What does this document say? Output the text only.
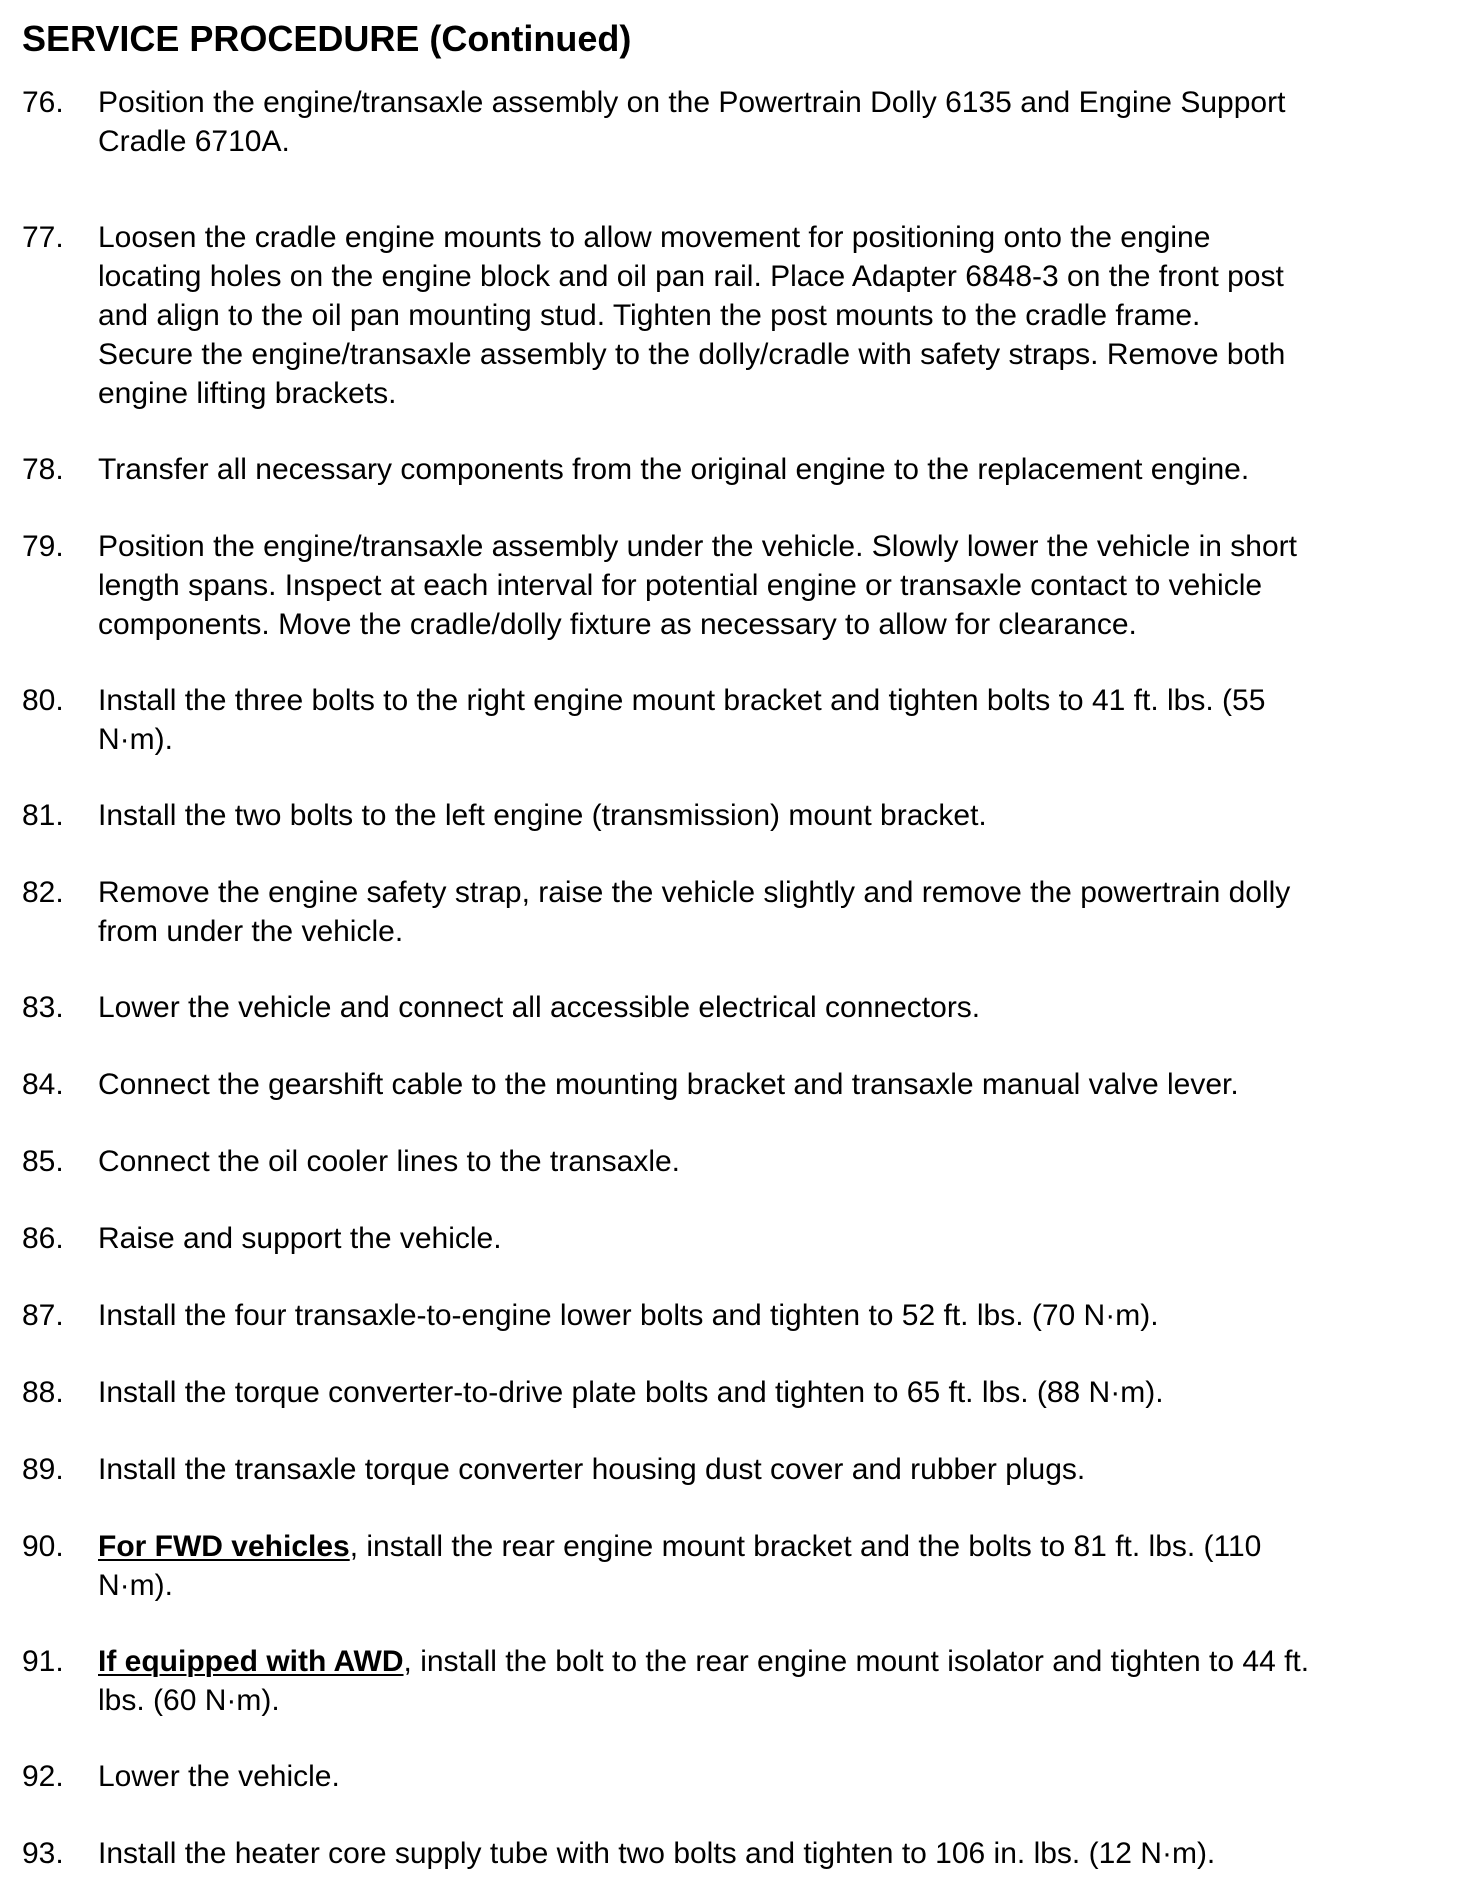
SERVICE PROCEDURE (Continued)
76. Position the engine/transaxle assembly on the Powertrain Dolly 6135 and Engine Support
Cradle 6710A.
77. Loosen the cradle engine mounts to allow movement for positioning onto the engine
locating holes on the engine block and oil pan rail. Place Adapter 6848-3 on the front post
and align to the oil pan mounting stud. Tighten the post mounts to the cradle frame.
Secure the engine/transaxle assembly to the dolly/cradle with safety straps. Remove both
engine lifting brackets.
78. Transfer all necessary components from the original engine to the replacement engine.
79. Position the engine/transaxle assembly under the vehicle. Slowly lower the vehicle in short
length spans. Inspect at each interval for potential engine or transaxle contact to vehicle
components. Move the cradle/dolly fixture as necessary to allow for clearance.
80. Install the three bolts to the right engine mount bracket and tighten bolts to 41 ft. lbs. (55
N·m).
81. Install the two bolts to the left engine (transmission) mount bracket.
82. Remove the engine safety strap, raise the vehicle slightly and remove the powertrain dolly
from under the vehicle.
83. Lower the vehicle and connect all accessible electrical connectors.
84. Connect the gearshift cable to the mounting bracket and transaxle manual valve lever.
85. Connect the oil cooler lines to the transaxle.
86. Raise and support the vehicle.
87. Install the four transaxle-to-engine lower bolts and tighten to 52 ft. lbs. (70 N·m).
88. Install the torque converter-to-drive plate bolts and tighten to 65 ft. lbs. (88 N·m).
89. Install the transaxle torque converter housing dust cover and rubber plugs.
90. For FWD vehicles, install the rear engine mount bracket and the bolts to 81 ft. lbs. (110
N·m).
91. If equipped with AWD, install the bolt to the rear engine mount isolator and tighten to 44 ft.
lbs. (60 N·m).
92. Lower the vehicle.
93. Install the heater core supply tube with two bolts and tighten to 106 in. lbs. (12 N·m).
